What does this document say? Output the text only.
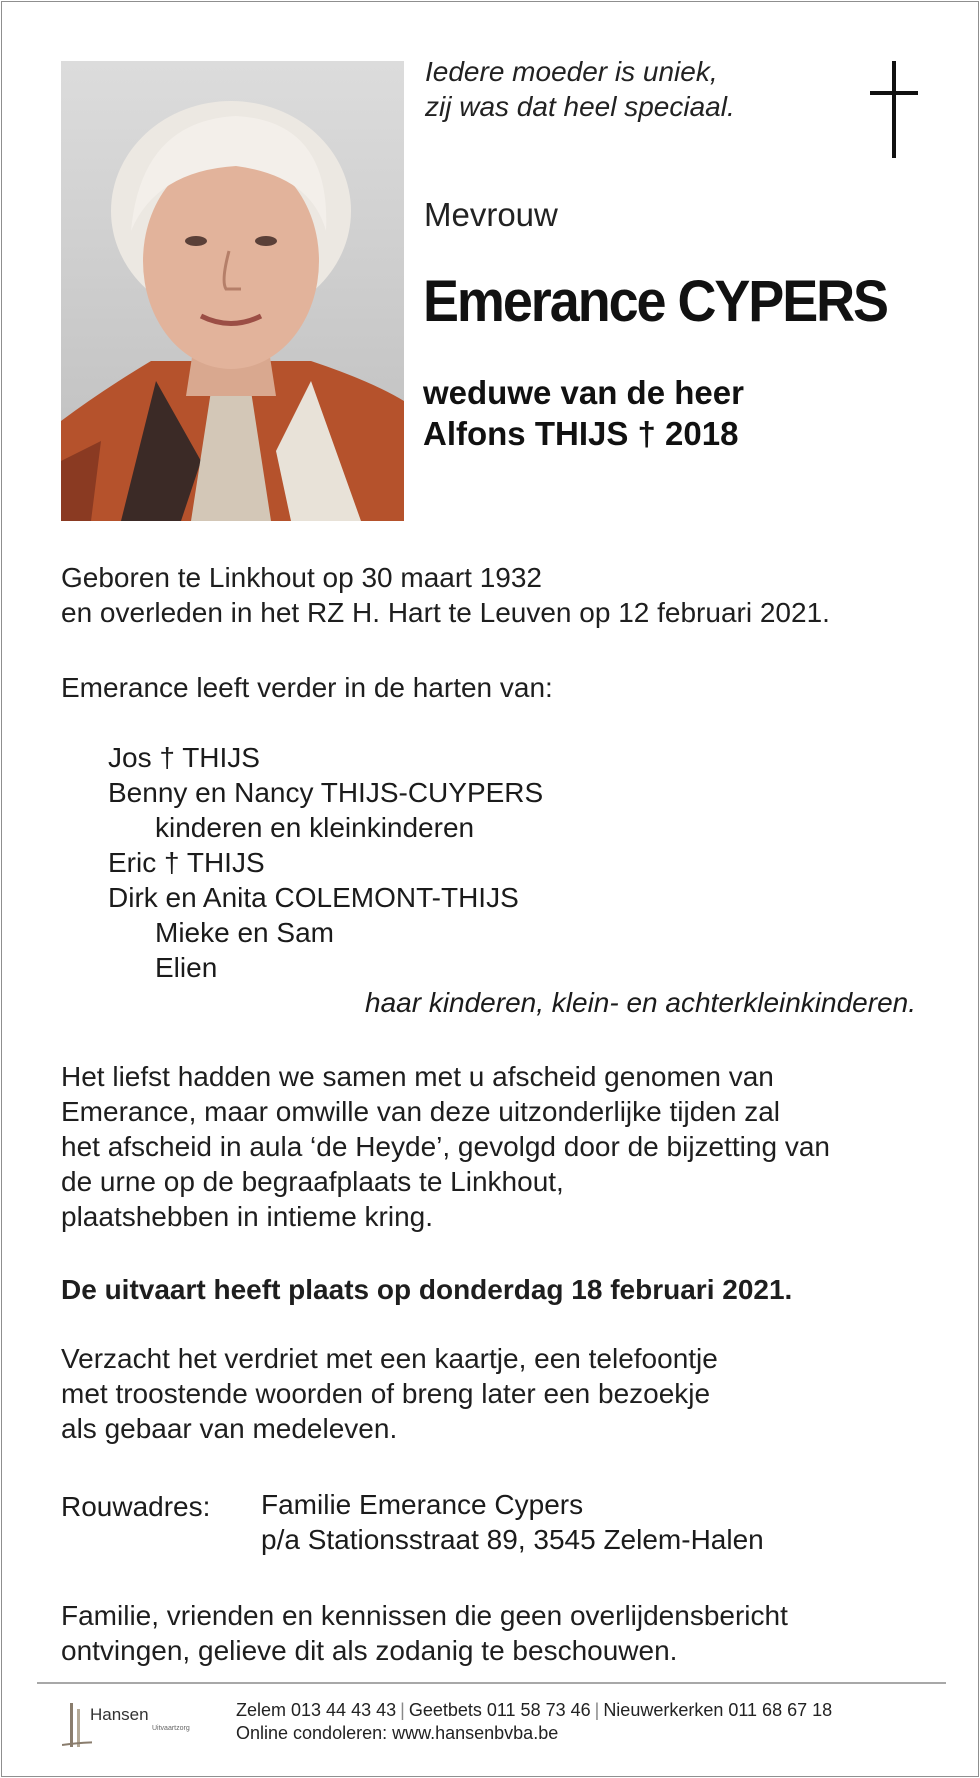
Iedere moeder is uniek,
zij was dat heel speciaal.
Mevrouw
Emerance CYPERS
weduwe van de heer
Alfons THIJS † 2018
Geboren te Linkhout op 30 maart 1932
en overleden in het RZ H. Hart te Leuven op 12 februari 2021.
Emerance leeft verder in de harten van:
Jos † THIJS
Benny en Nancy THIJS-CUYPERS
kinderen en kleinkinderen
Eric † THIJS
Dirk en Anita COLEMONT-THIJS
Mieke en Sam
Elien
haar kinderen, klein- en achterkleinkinderen.
Het liefst hadden we samen met u afscheid genomen van
Emerance, maar omwille van deze uitzonderlijke tijden zal
het afscheid in aula ‘de Heyde’, gevolgd door de bijzetting van
de urne op de begraafplaats te Linkhout,
plaatshebben in intieme kring.
De uitvaart heeft plaats op donderdag 18 februari 2021.
Verzacht het verdriet met een kaartje, een telefoontje
met troostende woorden of breng later een bezoekje
als gebaar van medeleven.
Rouwadres: Familie Emerance Cypers
p/a Stationsstraat 89, 3545 Zelem-Halen
Familie, vrienden en kennissen die geen overlijdensbericht
ontvingen, gelieve dit als zodanig te beschouwen.
Hansen
Uitvaartzorg
Zelem 013 44 43 43 | Geetbets 011 58 73 46 | Nieuwerkerken 011 68 67 18
Online condoleren: www.hansenbvba.be
